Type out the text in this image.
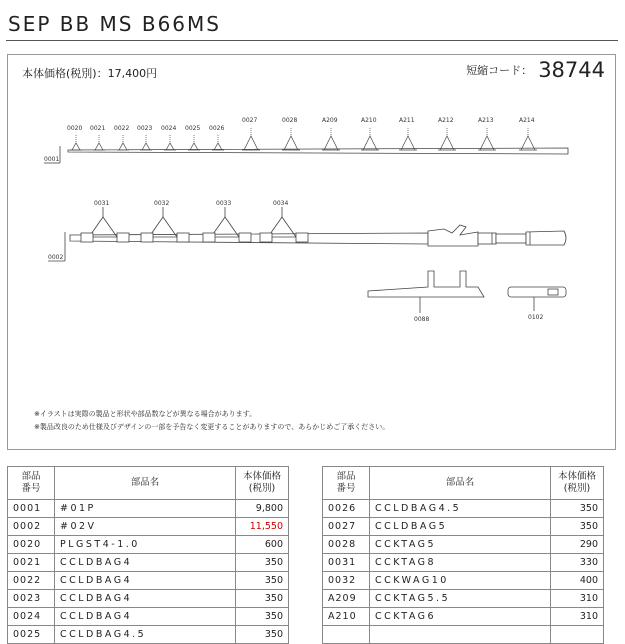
SEP BB MS B66MS
本体価格(税別)：17,400円	短縮コード： 38744
0020 0021 0022 0023 0024 0025 0026
0027	0028	A209	A210	A211	A212	A213	A214
0001
0031	0032	0033	0034
0002
0088	0102
※イラストは実際の製品と形状や部品数などが異なる場合があります。
※製品改良のため仕様及びデザインの一部を予告なく変更することがありますので、あらかじめご了承ください。
部品
番号	部品名	本体価格
(税別)
0001	#01P	9,800
0002	#02V	11,550
0020	PLGST4-1.0	600
0021	CCLDBAG4	350
0022	CCLDBAG4	350
0023	CCLDBAG4	350
0024	CCLDBAG4	350
0025	CCLDBAG4.5	350
部品
番号	部品名	本体価格
(税別)
0026	CCLDBAG4.5	350
0027	CCLDBAG5	350
0028	CCKTAG5	290
0031	CCKTAG8	330
0032	CCKWAG10	400
A209	CCKTAG5.5	310
A210	CCKTAG6	310
